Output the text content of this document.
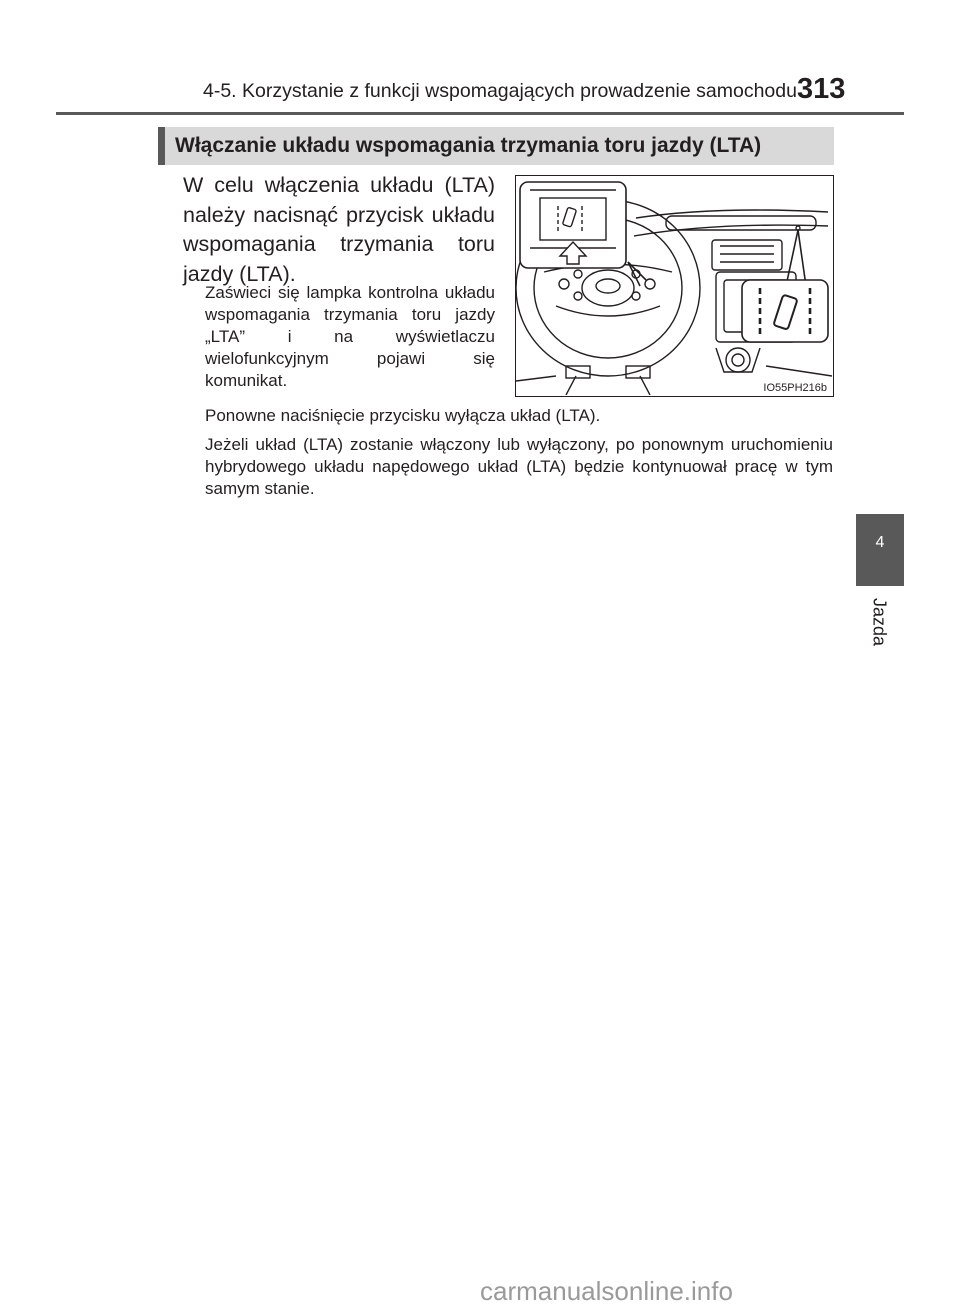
4-5. Korzystanie z funkcji wspomagających prowadzenie samochodu 313
Włączanie układu wspomagania trzymania toru jazdy (LTA)
W celu włączenia układu (LTA) należy nacisnąć przycisk układu wspomagania trzymania toru jazdy (LTA).
Zaświeci się lampka kontrolna układu wspomagania trzymania toru jazdy „LTA” i na wyświetlaczu wielofunkcyjnym pojawi się komunikat.	IO55PH216b
Ponowne naciśnięcie przycisku wyłącza układ (LTA).
Jeżeli układ (LTA) zostanie włączony lub wyłączony, po ponownym uruchomieniu hybrydowego układu napędowego układ (LTA) będzie kontynuował pracę w tym samym stanie.
4
Jazda
carmanualsonline.info
